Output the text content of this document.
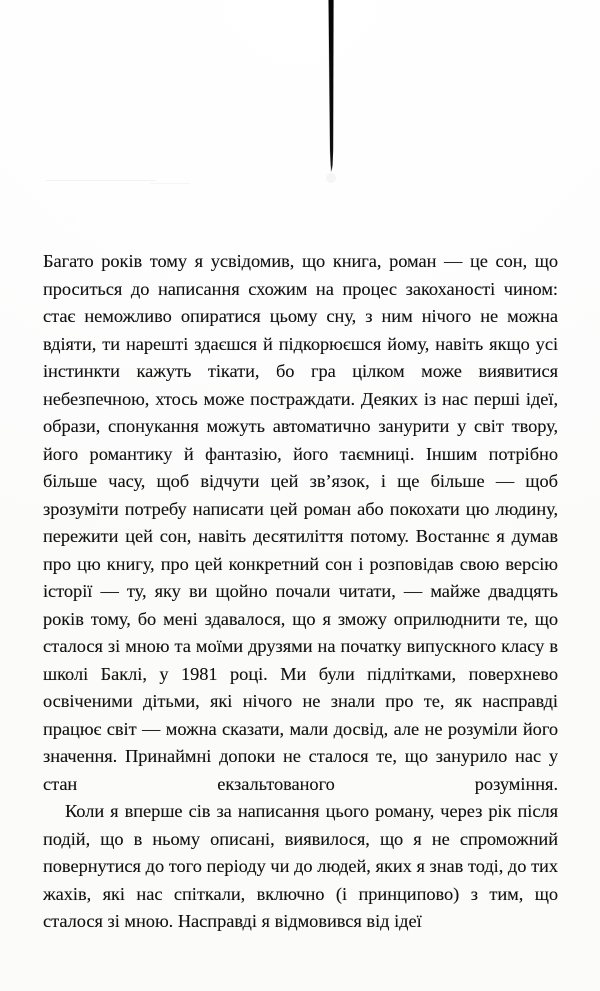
Багато років тому я усвідомив, що книга, роман — це сон, що проситься до написання схожим на процес закоханості чином: стає неможливо опиратися цьому сну, з ним нічого не можна вдіяти, ти нарешті здаєшся й підкорюєшся йому, навіть якщо усі інстинкти кажуть тікати, бо гра цілком може виявитися небезпечною, хтось може постраждати. Деяких із нас перші ідеї, образи, спонукання можуть автоматично занурити у світ твору, його романтику й фантазію, його таємниці. Іншим потрібно більше часу, щоб відчути цей зв’язок, і ще більше — щоб зрозуміти потребу написати цей роман або покохати цю людину, пережити цей сон, навіть десятиліття потому. Востаннє я думав про цю книгу, про цей конкретний сон і розповідав свою версію історії — ту, яку ви щойно почали читати, — майже двадцять років тому, бо мені здавалося, що я зможу оприлюднити те, що сталося зі мною та моїми друзями на початку випускного класу в школі Баклі, у 1981 році. Ми були підлітками, поверхнево освіченими дітьми, які нічого не знали про те, як насправді працює світ — можна сказати, мали досвід, але не розуміли його значення. Принаймні допоки не сталося те, що занурило нас у стан екзальтованого розуміння.

Коли я вперше сів за написання цього роману, через рік після подій, що в ньому описані, виявилося, що я не спроможний повернутися до того періоду чи до людей, яких я знав тоді, до тих жахів, які нас спіткали, включно (і принципово) з тим, що сталося зі мною. Насправді я відмовився від ідеї
